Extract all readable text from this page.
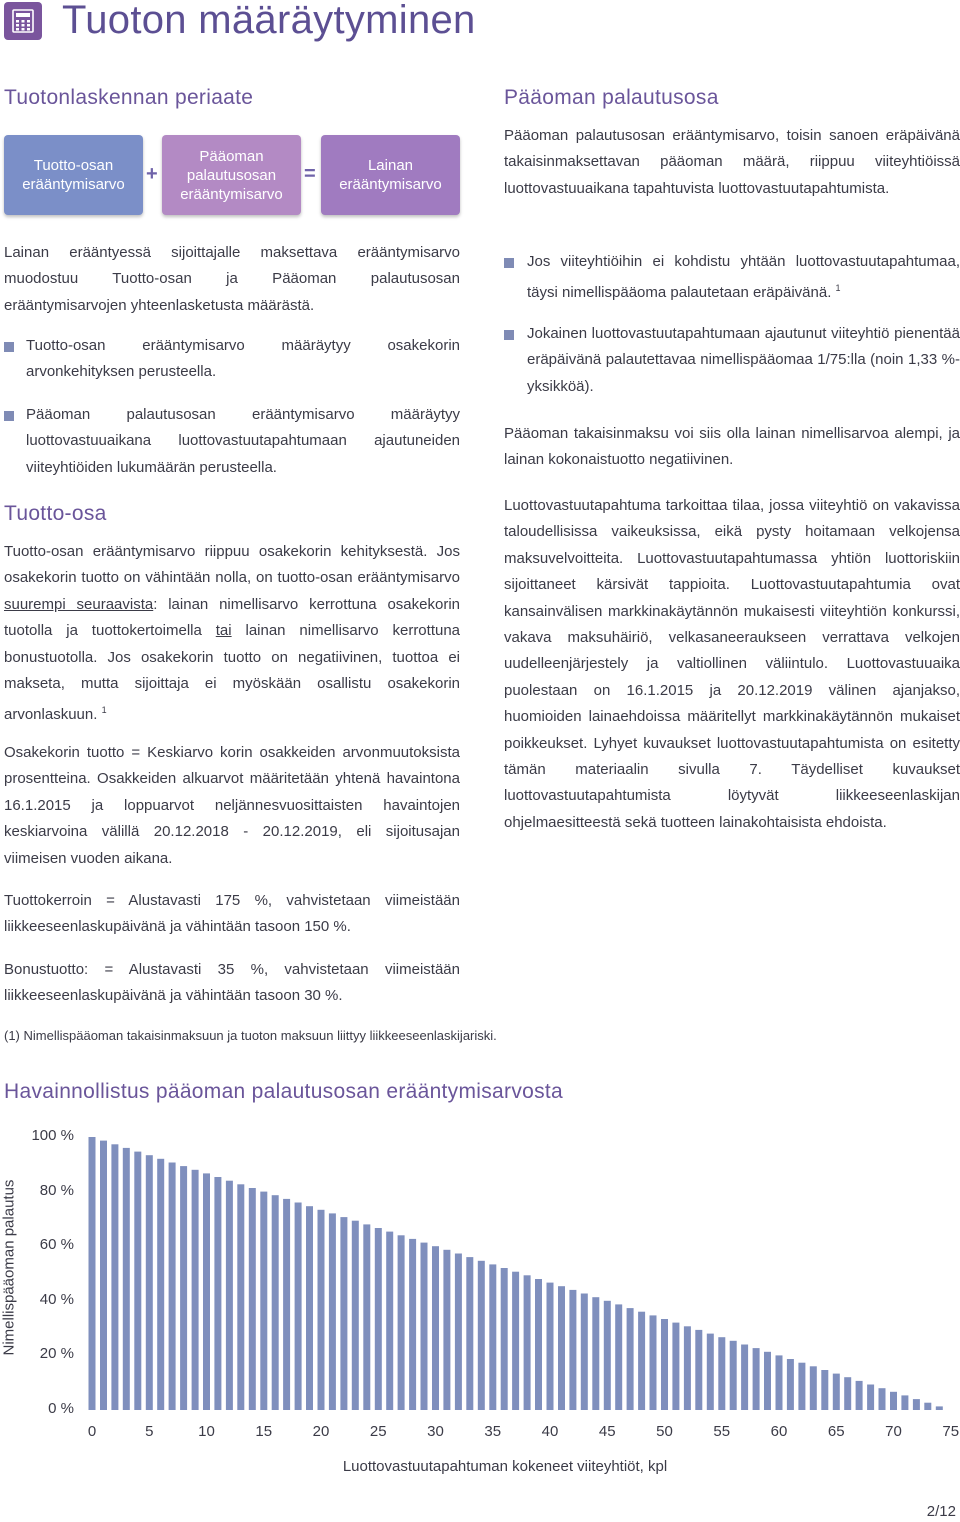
Tuoton määräytyminen
Tuotonlaskennan periaate
Tuotto-osan
erääntymisarvo +
Pääoman
palautusosan
erääntymisarvo
=	Lainan
erääntymisarvo
Lainan erääntyessä sijoittajalle maksettava erääntymisarvo muodostuu Tuotto-osan ja Pääoman palautusosan erääntymisarvojen yhteenlasketusta määrästä.
Tuotto-osan erääntymisarvo määräytyy osakekorin arvonkehityksen perusteella.
Pääoman palautusosan erääntymisarvo määräytyy luottovastuuaikana luottovastuutapahtumaan ajautuneiden viiteyhtiöiden lukumäärän perusteella.
Tuotto-osa
Tuotto-osan erääntymisarvo riippuu osakekorin kehityksestä. Jos osakekorin tuotto on vähintään nolla, on tuotto-osan erääntymisarvo suurempi seuraavista: lainan nimellisarvo kerrottuna osakekorin tuotolla ja tuottokertoimella tai lainan nimellisarvo kerrottuna bonustuotolla. Jos osakekorin tuotto on negatiivinen, tuottoa ei makseta, mutta sijoittaja ei myöskään osallistu osakekorin arvonlaskuun. $^1$
Osakekorin tuotto = Keskiarvo korin osakkeiden arvonmuutoksista prosentteina. Osakkeiden alkuarvot määritetään yhtenä havaintona 16.1.2015 ja loppuarvot neljännesvuosittaisten havaintojen keskiarvoina välillä 20.12.2018 - 20.12.2019, eli sijoitusajan viimeisen vuoden aikana.
Tuottokerroin = Alustavasti 175 %, vahvistetaan viimeistään liikkeeseenlaskupäivänä ja vähintään tasoon 150 %.
Bonustuotto: = Alustavasti 35 %, vahvistetaan viimeistään liikkeeseenlaskupäivänä ja vähintään tasoon 30 %.
(1) Nimellispääoman takaisinmaksuun ja tuoton maksuun liittyy liikkeeseenlaskijariski.
Pääoman palautusosa
Pääoman palautusosan erääntymisarvo, toisin sanoen eräpäivänä takaisinmaksettavan pääoman määrä, riippuu viiteyhtiöissä luottovastuuaikana tapahtuvista luottovastuutapahtumista.
Jos viiteyhtiöihin ei kohdistu yhtään luottovastuutapahtumaa, täysi nimellispääoma palautetaan eräpäivänä. $^1$
Jokainen luottovastuutapahtumaan ajautunut viiteyhtiö pienentää eräpäivänä palautettavaa nimellispääomaa 1/75:lla (noin 1,33 %-yksikköä).
Pääoman takaisinmaksu voi siis olla lainan nimellisarvoa alempi, ja lainan kokonaistuotto negatiivinen.
Luottovastuutapahtuma tarkoittaa tilaa, jossa viiteyhtiö on vakavissa taloudellisissa vaikeuksissa, eikä pysty hoitamaan velkojensa maksuvelvoitteita. Luottovastuutapahtumassa yhtiön luottoriskiin sijoittaneet kärsivät tappioita. Luottovastuutapahtumia ovat kansainvälisen markkinakäytännön mukaisesti viiteyhtiön konkurssi, vakava maksuhäiriö, velkasaneeraukseen verrattava velkojen uudelleenjärjestely ja valtiollinen väliintulo. Luottovastuuaika puolestaan on 16.1.2015 ja 20.12.2019 välinen ajanjakso, huomioiden lainaehdoissa määritellyt markkinakäytännön mukaiset poikkeukset. Lyhyet kuvaukset luottovastuutapahtumista on esitetty tämän materiaalin sivulla 7. Täydelliset kuvaukset luottovastuutapahtumista löytyvät liikkeeseenlaskijan ohjelmaesitteestä sekä tuotteen lainakohtaisista ehdoista.
Havainnollistus pääoman palautusosan erääntymisarvosta
Nimellispääoman palautus
100 %
80 %
60 %
40 %
20 %
0 %
0	5	10	15	20	25	30	35	40	45	50	55	60	65	70	75
Luottovastuutapahtuman kokeneet viiteyhtiöt, kpl
2/12
